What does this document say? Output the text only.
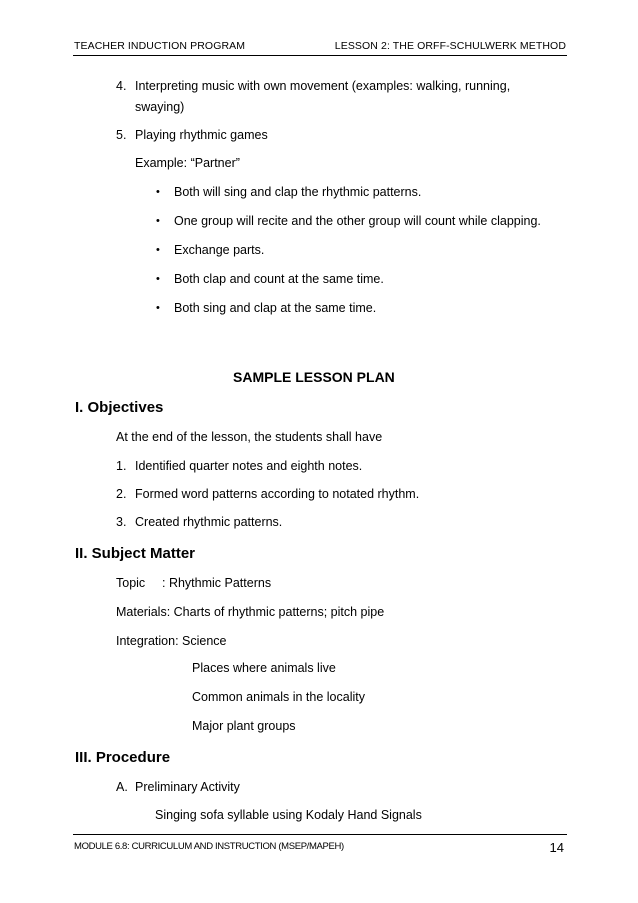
TEACHER INDUCTION PROGRAM	LESSON 2: THE ORFF-SCHULWERK METHOD
4. Interpreting music with own movement (examples: walking, running,
swaying)
5. Playing rhythmic games
Example: “Partner”
• Both will sing and clap the rhythmic patterns.
• One group will recite and the other group will count while clapping.
• Exchange parts.
• Both clap and count at the same time.
• Both sing and clap at the same time.
SAMPLE LESSON PLAN
I. Objectives
At the end of the lesson, the students shall have
1. Identified quarter notes and eighth notes.
2. Formed word patterns according to notated rhythm.
3. Created rhythmic patterns.
II. Subject Matter
Topic : Rhythmic Patterns
Materials: Charts of rhythmic patterns; pitch pipe
Integration: Science
Places where animals live
Common animals in the locality
Major plant groups
III. Procedure
A. Preliminary Activity
Singing sofa syllable using Kodaly Hand Signals
MODULE 6.8: CURRICULUM AND INSTRUCTION (MSEP/MAPEH)	14
